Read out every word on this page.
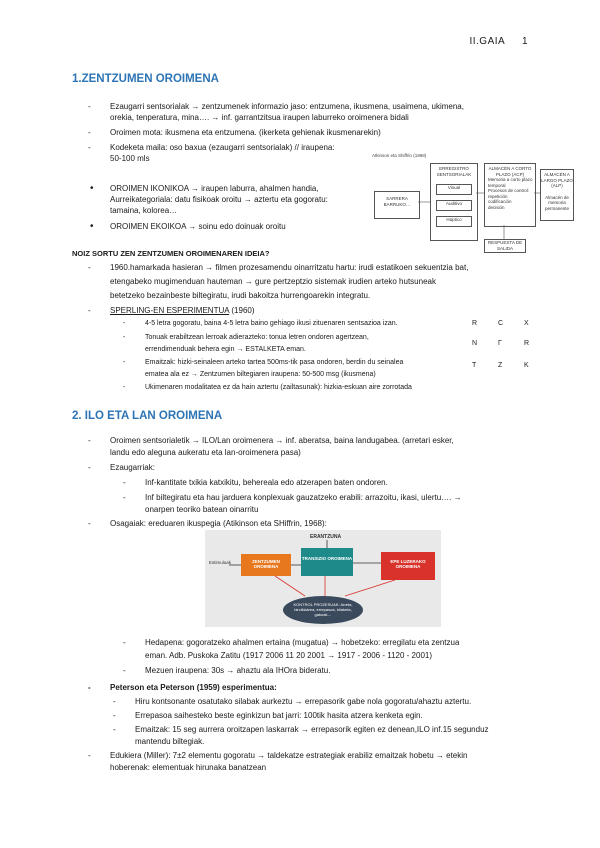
II.GAIA 1
1.ZENTZUMEN OROIMENA
- Ezaugarri sentsorialak → zentzumenek informazio jaso: entzumena, ikusmena, usaimena, ukimena,
orekia, tenperatura, mina…. → inf. garrantzitsua iraupen laburreko oroimenera bidali
- Oroimen mota: ikusmena eta entzumena. (ikerketa gehienak ikusmenarekin)
- Kodeketa maila: oso baxua (ezaugarri sentsorialak) // iraupena:
50-100 mls
• OROIMEN IKONIKOA → iraupen laburra, ahalmen handia,
Aurreikategoriala: datu fisikoak oroitu → aztertu eta gogoratu:
tamaina, kolorea…
• OROIMEN EKOIKOA → soinu edo doinuak oroitu
Atkinson eta Shiffrin (1968)
SARRERA BARRUKO…
ERREGISTRO SENTSORIALAK
Visual
Auditivo
Haptico
ALMACÉN A CORTO PLAZO (ACP)
Memoria a corto plazo temporal
Procesos de control:
repetición
codificación
decisión
ALMACÉN A LARGO PLAZO (ALP)
Almacén de memoria permanente
RESPUESTA DE SALIDA
NOIZ SORTU ZEN ZENTZUMEN OROIMENAREN IDEIA?
- 1960.hamarkada hasieran → filmen prozesamendu oinarritzatu hartu: irudi estatikoen sekuentzia bat,
etengabeko mugimenduan hauteman → gure pertzeptzio sistemak irudien arteko hutsuneak
betetzeko bezainbeste biltegiratu, irudi bakoitza hurrengoarekin integratu.
- SPERLING-EN ESPERIMENTUA (1960)
- 4-5 letra gogoratu, baina 4-5 letra baino gehiago ikusi zituenaren sentsazioa izan.
- Tonuak erabiltzean lerroak adierazteko: tonua letren ondoren agertzean,
errendimenduak behera egin → ESTALKETA eman.
- Emaitzak: hizki-seinaleen arteko tartea 500ms-tik pasa ondoren, berdin du seinalea
ematea ala ez → Zentzumen biltegiaren iraupena: 50-500 msg (ikusmena)
- Ukimenaren modalitatea ez da hain aztertu (zailtasunak): hizkia-eskuan aire zorrotada
R	C	X
N	Γ	R
T	Z	K
2. ILO ETA LAN OROIMENA
- Oroimen sentsorialetik → ILO/Lan oroimenera → inf. aberatsa, baina landugabea. (arretari esker,
landu edo aleguna aukeratu eta lan-oroimenera pasa)
- Ezaugarriak:
- Inf-kantitate txikia katxikitu, behereala edo atzerapen baten ondoren.
- Inf biltegiratu eta hau jarduera konplexuak gauzatzeko erabili: arrazoitu, ikasi, ulertu…. →
onarpen teoriko batean oinarritu
- Osagaiak: ereduaren ikuspegia (Atikinson eta SHiffrin, 1968):
ERANTZUNA
Estimuluak	ZENTZUMEN OROIMENA
TRANSIZIO OROIMENA
EPE LUZERAKO OROIMENA
KONTROL PROZESUAK: Arreta, birziklatzea, errepasoa, bilaketa, gakoak…
- Hedapena: gogoratzeko ahalmen ertaina (mugatua) → hobetzeko: erregilatu eta zentzua
eman. Adb. Puskoka Zatitu (1917 2006 11 20 2001 → 1917 - 2006 - 1120 - 2001)
- Mezuen iraupena: 30s → ahaztu ala IHOra bideratu.
- Peterson eta Peterson (1959) esperimentua:
- Hiru kontsonante osatutako silabak aurkeztu → errepasorik gabe nola gogoratu/ahaztu aztertu.
- Errepasoa saihesteko beste eginkizun bat jarri: 100tik hasita atzera kenketa egin.
- Emaitzak: 15 seg aurrera oroitzapen laskarrak → errepasorik egiten ez denean,ILO inf.15 segunduz
mantendu biltegiak.
- Edukiera (Miller): 7±2 elementu gogoratu → taldekatze estrategiak erabiliz emaitzak hobetu → etekin
hoberenak: elementuak hirunaka banatzean
